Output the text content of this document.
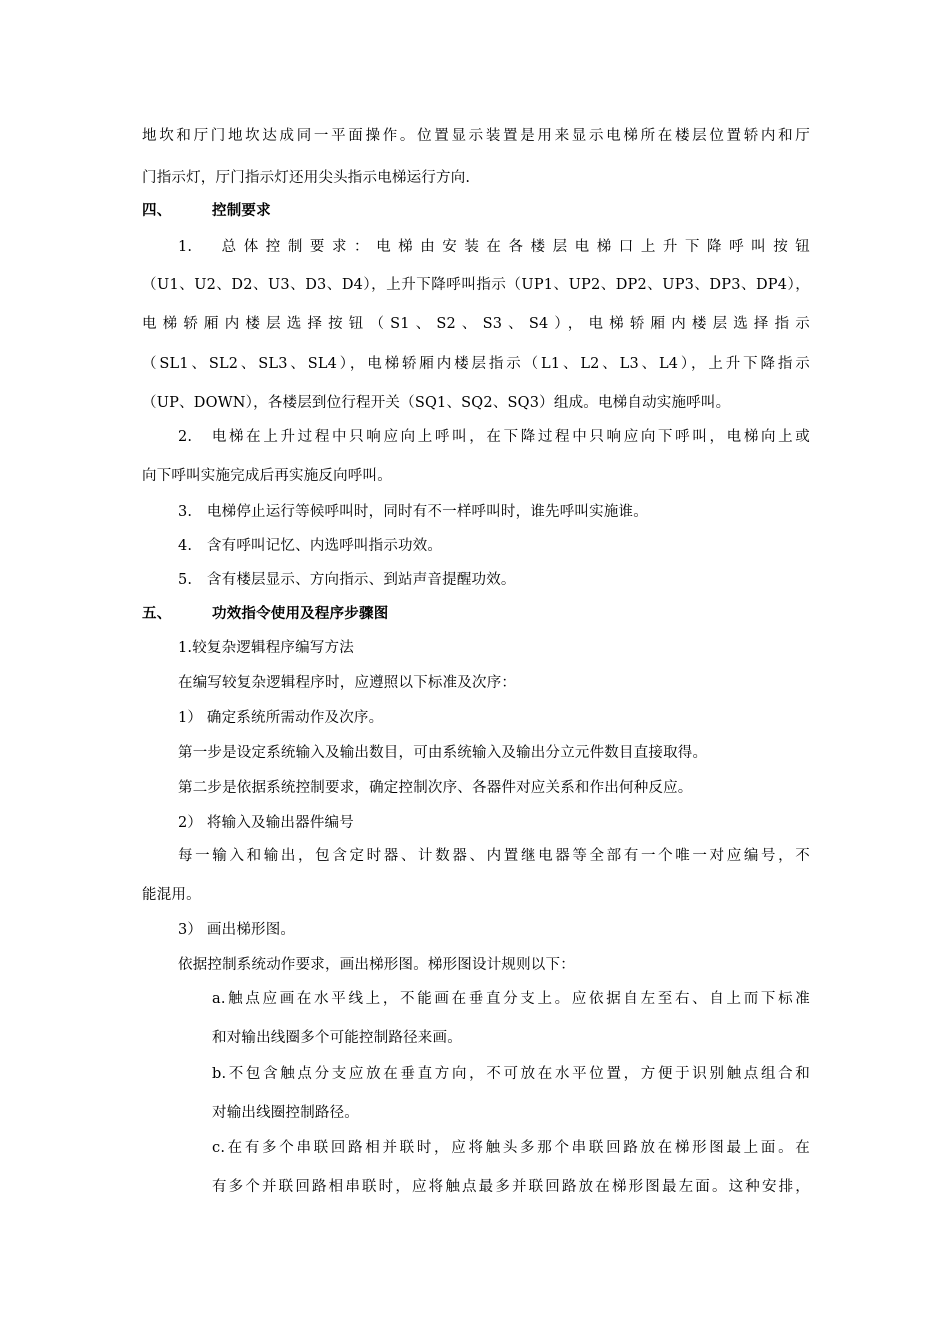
地坎和厅门地坎达成同一平面操作。位置显示装置是用来显示电梯所在楼层位置轿内和厅
门指示灯，厅门指示灯还用尖头指示电梯运行方向.
四、	控制要求
1.　总体控制要求：电梯由安装在各楼层电梯口上升下降呼叫按钮
（U1、U2、D2、U3、D3、D4），上升下降呼叫指示（UP1、UP2、DP2、UP3、DP3、DP4），
电梯轿厢内楼层选择按钮（S1、S2、S3、S4），电梯轿厢内楼层选择指示
（SL1、SL2、SL3、SL4），电梯轿厢内楼层指示（L1、L2、L3、L4），上升下降指示
（UP、DOWN），各楼层到位行程开关（SQ1、SQ2、SQ3）组成。电梯自动实施呼叫。
2.　电梯在上升过程中只响应向上呼叫，在下降过程中只响应向下呼叫，电梯向上或
向下呼叫实施完成后再实施反向呼叫。
3.　电梯停止运行等候呼叫时，同时有不一样呼叫时，谁先呼叫实施谁。
4.　含有呼叫记忆、内选呼叫指示功效。
5.　含有楼层显示、方向指示、到站声音提醒功效。
五、	功效指令使用及程序步骤图
1.较复杂逻辑程序编写方法
在编写较复杂逻辑程序时，应遵照以下标准及次序：
1） 确定系统所需动作及次序。
第一步是设定系统输入及输出数目，可由系统输入及输出分立元件数目直接取得。
第二步是依据系统控制要求，确定控制次序、各器件对应关系和作出何种反应。
2） 将输入及输出器件编号
每一输入和输出，包含定时器、计数器、内置继电器等全部有一个唯一对应编号，不
能混用。
3） 画出梯形图。
依据控制系统动作要求，画出梯形图。梯形图设计规则以下：
a.触点应画在水平线上，不能画在垂直分支上。应依据自左至右、自上而下标准
和对输出线圈多个可能控制路径来画。
b.不包含触点分支应放在垂直方向，不可放在水平位置，方便于识别触点组合和
对输出线圈控制路径。
c.在有多个串联回路相并联时，应将触头多那个串联回路放在梯形图最上面。在
有多个并联回路相串联时，应将触点最多并联回路放在梯形图最左面。这种安排，
